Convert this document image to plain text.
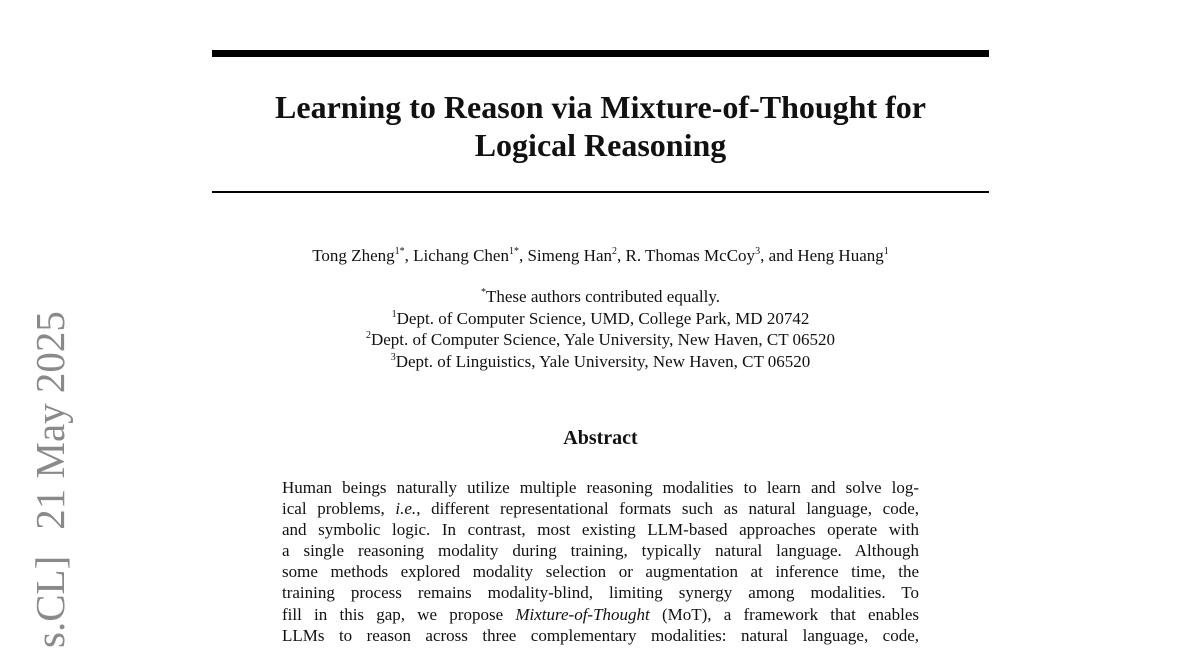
s.CL]21 May 2025
Learning to Reason via Mixture-of-Thought for
Logical Reasoning
Tong Zheng$^{1*}$, Lichang Chen$^{1*}$, Simeng Han$^2$, R. Thomas McCoy$^3$, and Heng Huang$^1$
*These authors contributed equally.
$^1$Dept. of Computer Science, UMD, College Park, MD 20742
$^2$Dept. of Computer Science, Yale University, New Haven, CT 06520
$^3$Dept. of Linguistics, Yale University, New Haven, CT 06520
Abstract
Human beings naturally utilize multiple reasoning modalities to learn and solve log-
ical problems, i.e., different representational formats such as natural language, code,
and symbolic logic. In contrast, most existing LLM-based approaches operate with
a single reasoning modality during training, typically natural language. Although
some methods explored modality selection or augmentation at inference time, the
training process remains modality-blind, limiting synergy among modalities. To
fill in this gap, we propose Mixture-of-Thought (MoT), a framework that enables
LLMs to reason across three complementary modalities: natural language, code,
